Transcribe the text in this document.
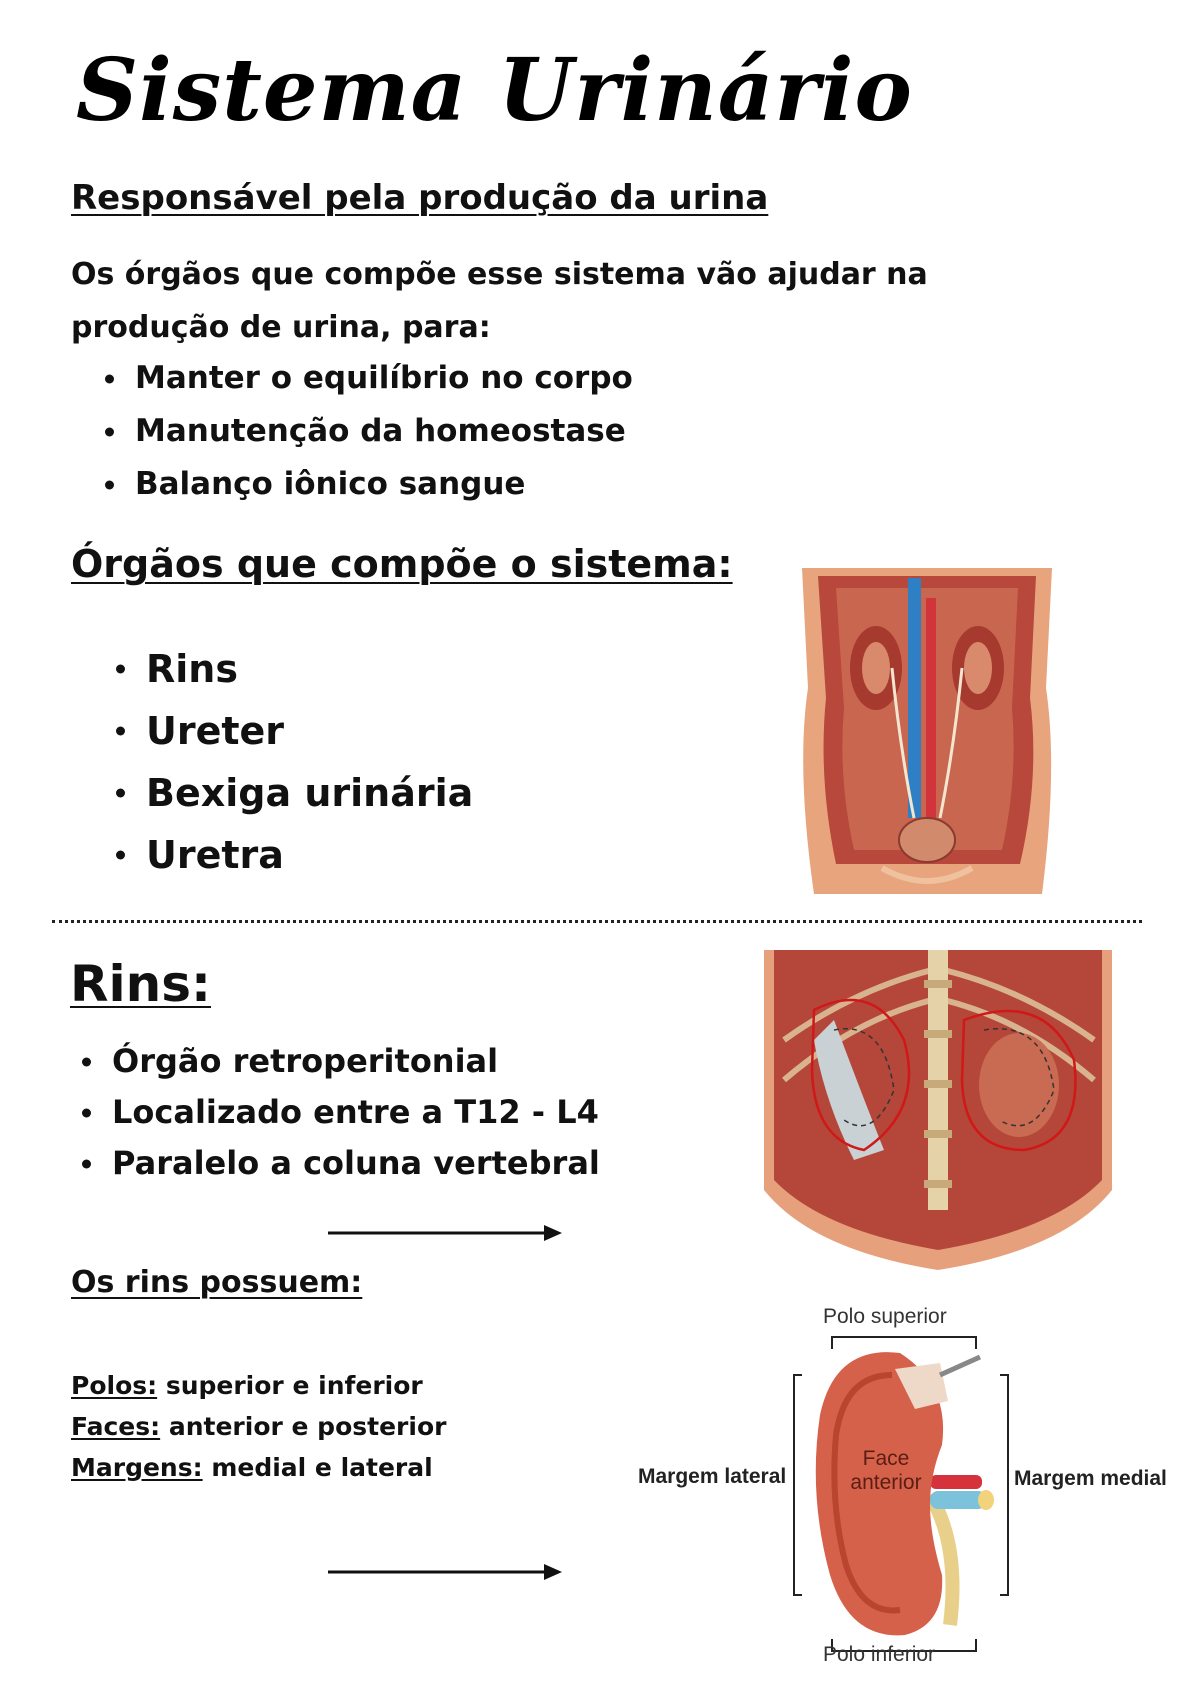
Sistema Urinário
Responsável pela produção da urina
Os órgãos que compõe esse sistema vão ajudar na produção de urina, para:
Manter o equilíbrio no corpo
Manutenção da homeostase
Balanço iônico sangue
Órgãos que compõe o sistema:
Rins
Ureter
Bexiga urinária
Uretra
Rins:
Órgão retroperitonial
Localizado entre a T12 - L4
Paralelo a coluna vertebral
Os rins possuem:
Polos: superior e inferior
Faces: anterior e posterior
Margens: medial e lateral
Polo superior
Polo inferior
Margem lateral	Margem medial
Face
anterior
